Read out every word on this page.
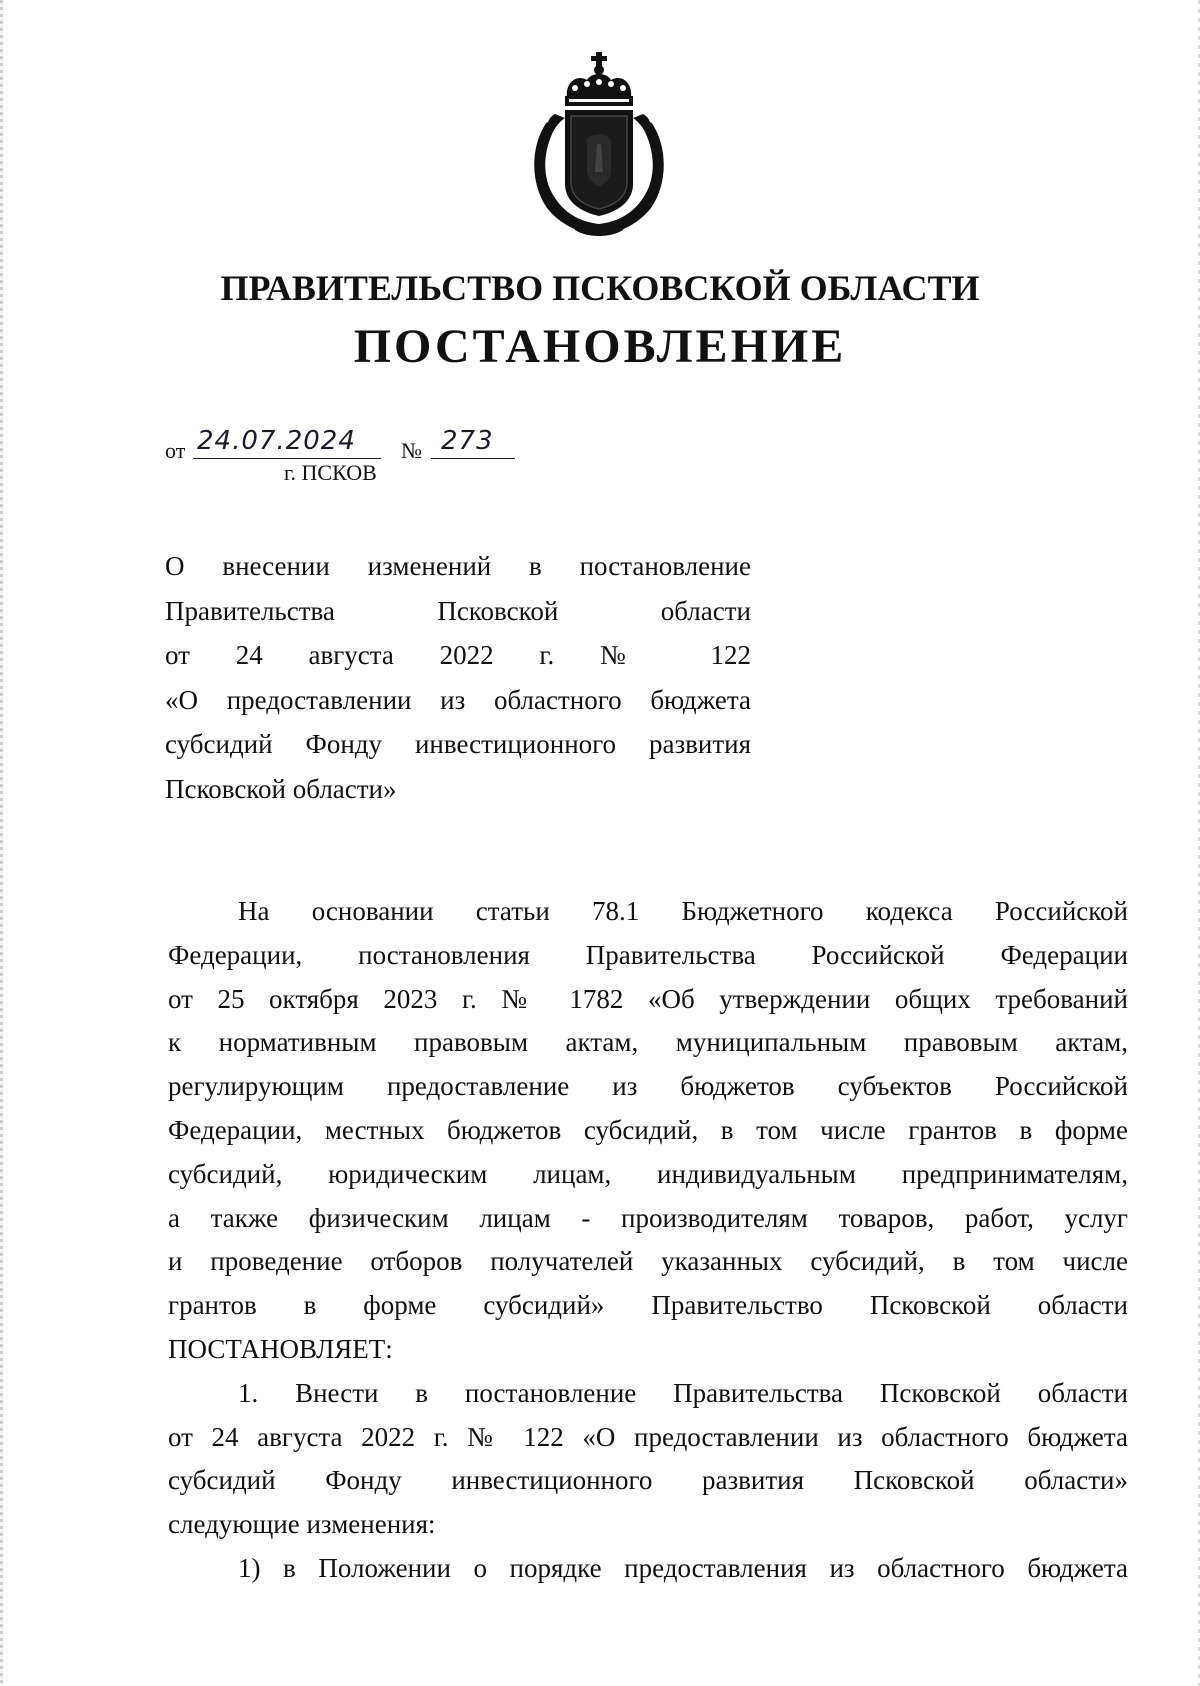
ПРАВИТЕЛЬСТВО ПСКОВСКОЙ ОБЛАСТИ
ПОСТАНОВЛЕНИЕ
от 24.07.2024 № 273
г. ПСКОВ
О внесении изменений в постановление
Правительства Псковской области
от 24 августа 2022 г. № 122
«О предоставлении из областного бюджета
субсидий Фонду инвестиционного развития
Псковской области»
На основании статьи 78.1 Бюджетного кодекса Российской
Федерации, постановления Правительства Российской Федерации
от 25 октября 2023 г. № 1782 «Об утверждении общих требований
к нормативным правовым актам, муниципальным правовым актам,
регулирующим предоставление из бюджетов субъектов Российской
Федерации, местных бюджетов субсидий, в том числе грантов в форме
субсидий, юридическим лицам, индивидуальным предпринимателям,
а также физическим лицам - производителям товаров, работ, услуг
и проведение отборов получателей указанных субсидий, в том числе
грантов в форме субсидий» Правительство Псковской области
ПОСТАНОВЛЯЕТ:
1. Внести в постановление Правительства Псковской области
от 24 августа 2022 г. № 122 «О предоставлении из областного бюджета
субсидий Фонду инвестиционного развития Псковской области»
следующие изменения:
1) в Положении о порядке предоставления из областного бюджета
